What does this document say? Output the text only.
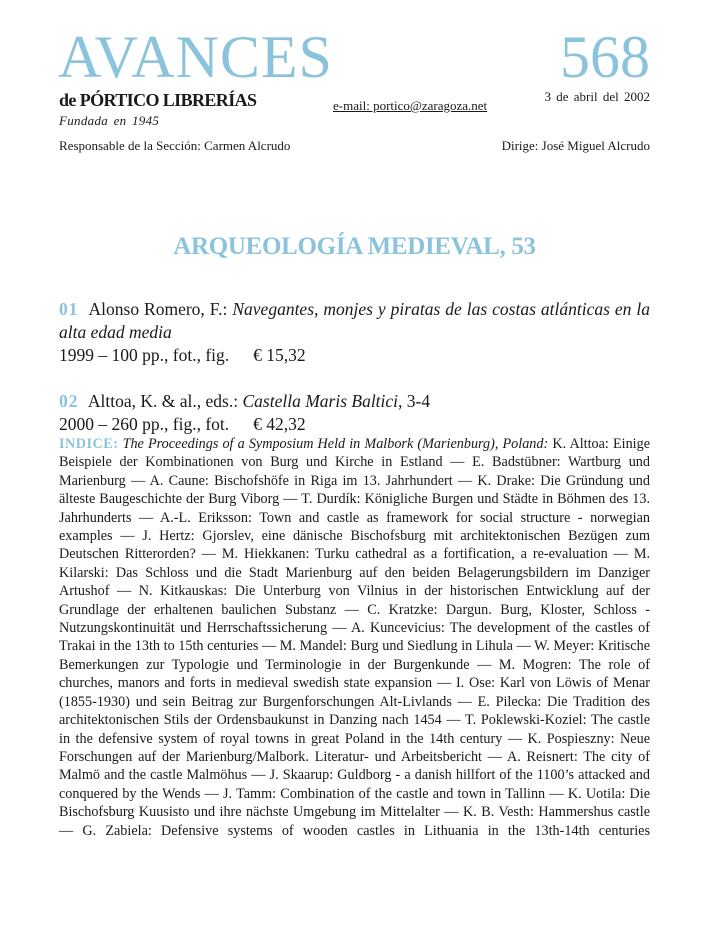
AVANCES	568
de PÓRTICO LIBRERÍAS	e-mail: portico@zaragoza.net
3 de abril del 2002
Fundada en 1945
Responsable de la Sección: Carmen Alcrudo	Dirige: José Miguel Alcrudo
ARQUEOLOGÍA MEDIEVAL, 53
01 Alonso Romero, F.: Navegantes, monjes y piratas de las costas atlánticas en la alta edad media
1999 – 100 pp., fot., fig. € 15,32
02 Alttoa, K. & al., eds.: Castella Maris Baltici, 3-4
2000 – 260 pp., fig., fot. € 42,32
INDICE: The Proceedings of a Symposium Held in Malbork (Marienburg), Poland: K. Alttoa: Einige Beispiele der Kombinationen von Burg und Kirche in Estland — E. Badstübner: Wartburg und Marienburg — A. Caune: Bischofshöfe in Riga im 13. Jahrhundert — K. Drake: Die Gründung und älteste Baugeschichte der Burg Viborg — T. Durdík: Königliche Burgen und Städte in Böhmen des 13. Jahrhunderts — A.-L. Eriksson: Town and castle as framework for social structure - norwegian examples — J. Hertz: Gjorslev, eine dänische Bischofsburg mit architektonischen Bezügen zum Deutschen Ritterorden? — M. Hiekkanen: Turku cathedral as a fortification, a re-evaluation — M. Kilarski: Das Schloss und die Stadt Marienburg auf den beiden Belagerungsbildern im Danziger Artushof — N. Kitkauskas: Die Unterburg von Vilnius in der historischen Entwicklung auf der Grundlage der erhaltenen baulichen Substanz — C. Kratzke: Dargun. Burg, Kloster, Schloss - Nutzungskontinuität und Herrschaftssicherung — A. Kuncevicius: The development of the castles of Trakai in the 13th to 15th centuries — M. Mandel: Burg und Siedlung in Lihula — W. Meyer: Kritische Bemerkungen zur Typologie und Terminologie in der Burgenkunde — M. Mogren: The role of churches, manors and forts in medieval swedish state expansion — I. Ose: Karl von Löwis of Menar (1855-1930) und sein Beitrag zur Burgenforschungen Alt-Livlands — E. Pilecka: Die Tradition des architektonischen Stils der Ordensbaukunst in Danzing nach 1454 — T. Poklewski-Koziel: The castle in the defensive system of royal towns in great Poland in the 14th century — K. Pospieszny: Neue Forschungen auf der Marienburg/Malbork. Literatur- und Arbeitsbericht — A. Reisnert: The city of Malmö and the castle Malmöhus — J. Skaarup: Guldborg - a danish hillfort of the 1100’s attacked and conquered by the Wends — J. Tamm: Combination of the castle and town in Tallinn — K. Uotila: Die Bischofsburg Kuusisto und ihre nächste Umgebung im Mittelalter — K. B. Vesth: Hammershus castle — G. Zabiela: Defensive systems of wooden castles in Lithuania in the 13th-14th centuries
